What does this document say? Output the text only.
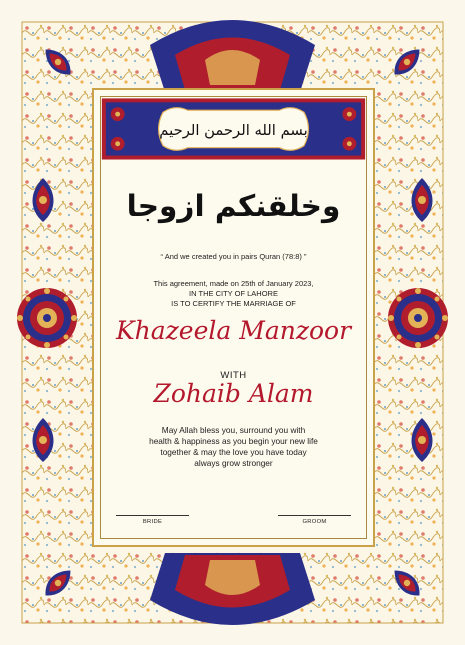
بسم الله الرحمن الرحيم
وخلقنكم ازوجا
“ And we created you in pairs Quran (78:8) ”
This agreement, made on 25th of January 2023,
IN THE CITY OF LAHORE
IS TO CERTIFY THE MARRIAGE OF
Khazeela Manzoor
WITH
Zohaib Alam
May Allah bless you, surround you with
health & happiness as you begin your new life
together & may the love you have today
always grow stronger
BRIDE	GROOM
